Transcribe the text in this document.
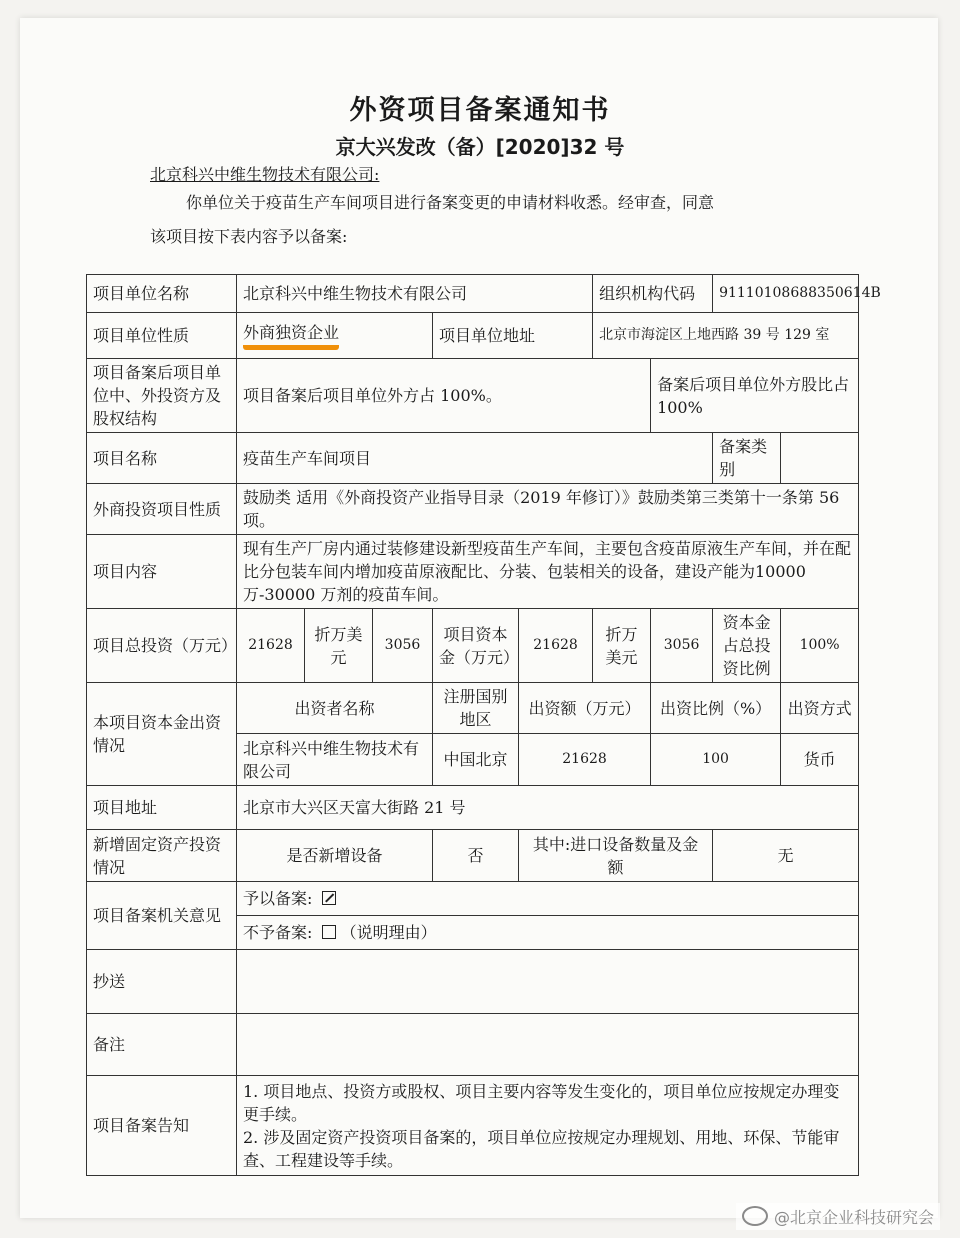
外资项目备案通知书
京大兴发改（备）[2020]32 号
北京科兴中维生物技术有限公司:
你单位关于疫苗生产车间项目进行备案变更的申请材料收悉。经审查，同意
该项目按下表内容予以备案:
项目单位名称	北京科兴中维生物技术有限公司					组织机构代码		91110108688350614B	
项目单位性质	外商独资企业			项目单位地址		北京市海淀区上地西路 39 号 129 室			
项目备案后项目单位中、外投资方及股权结构	项目备案后项目单位外方占 100%。						备案后项目单位外方股比占 100%		
项目名称	疫苗生产车间项目							备案类别	
外商投资项目性质	鼓励类 适用《外商投资产业指导目录（2019 年修订）》鼓励类第三类第十一条第 56 项。								
项目内容	现有生产厂房内通过装修建设新型疫苗生产车间，主要包含疫苗原液生产车间，并在配比分包装车间内增加疫苗原液配比、分装、包装相关的设备，建设产能为10000 万-30000 万剂的疫苗车间。								
项目总投资（万元）	21628	折万美元	3056	项目资本金（万元）	21628	折万美元	3056	资本金占总投资比例	100%
本项目资本金出资情况	出资者名称			注册国别地区	出资额（万元）		出资比例（%）		出资方式
	北京科兴中维生物技术有限公司			中国北京	21628		100		货币
项目地址	北京市大兴区天富大街路 21 号								
新增固定资产投资情况	是否新增设备			否	其中:进口设备数量及金额			无	
项目备案机关意见	予以备案:								
	不予备案: （说明理由）								
抄送									
备注									
项目备案告知	1. 项目地点、投资方或股权、项目主要内容等发生变化的，项目单位应按规定办理变更手续。
2. 涉及固定资产投资项目备案的，项目单位应按规定办理规划、用地、环保、节能审查、工程建设等手续。								
@北京企业科技研究会
